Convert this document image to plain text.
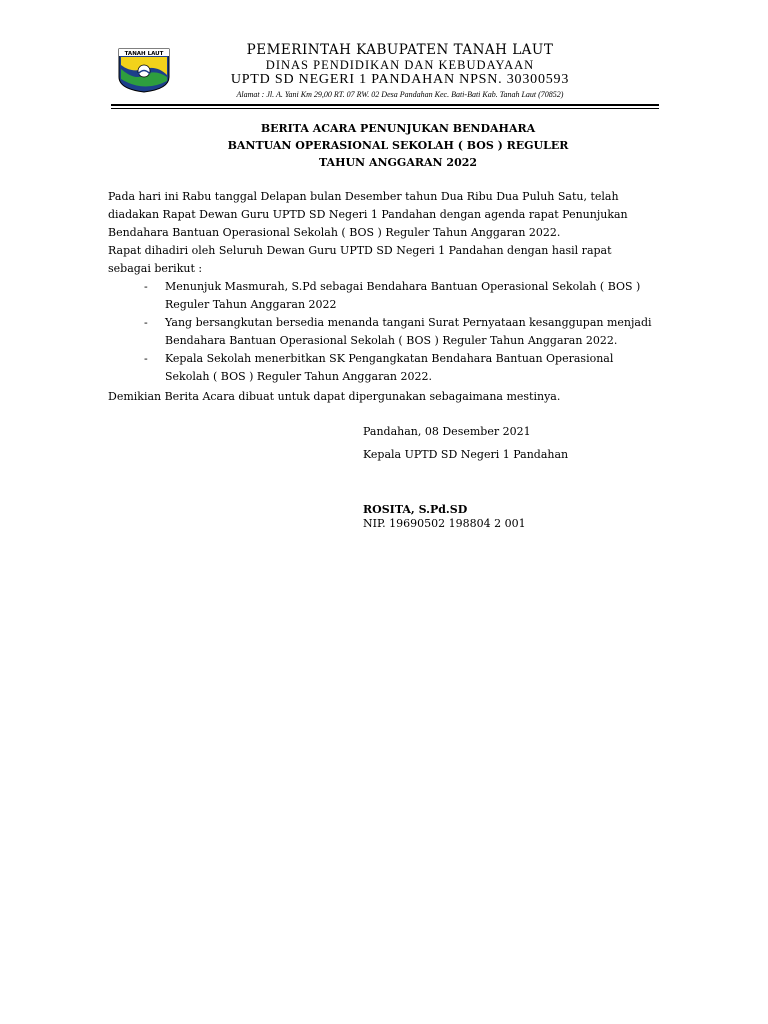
TANAH LAUT	PEMERINTAH KABUPATEN TANAH LAUT
DINAS PENDIDIKAN DAN KEBUDAYAAN
UPTD SD NEGERI 1 PANDAHAN NPSN. 30300593
Alamat : Jl. A. Yani Km 29,00 RT. 07 RW. 02 Desa Pandahan Kec. Bati-Bati Kab. Tanah Laut (70852)
BERITA ACARA PENUNJUKAN BENDAHARA
BANTUAN OPERASIONAL SEKOLAH ( BOS ) REGULER
TAHUN ANGGARAN 2022
Pada hari ini Rabu tanggal Delapan bulan Desember tahun Dua Ribu Dua Puluh Satu, telah
diadakan Rapat Dewan Guru UPTD SD Negeri 1 Pandahan dengan agenda rapat Penunjukan
Bendahara Bantuan Operasional Sekolah ( BOS ) Reguler Tahun Anggaran 2022.
Rapat dihadiri oleh Seluruh Dewan Guru UPTD SD Negeri 1 Pandahan dengan hasil rapat
sebagai berikut :
- Menunjuk Masmurah, S.Pd sebagai Bendahara Bantuan Operasional Sekolah ( BOS )
Reguler Tahun Anggaran 2022
- Yang bersangkutan bersedia menanda tangani Surat Pernyataan kesanggupan menjadi
Bendahara Bantuan Operasional Sekolah ( BOS ) Reguler Tahun Anggaran 2022.
- Kepala Sekolah menerbitkan SK Pengangkatan Bendahara Bantuan Operasional
Sekolah ( BOS ) Reguler Tahun Anggaran 2022.
Demikian Berita Acara dibuat untuk dapat dipergunakan sebagaimana mestinya.
Pandahan, 08 Desember 2021
Kepala UPTD SD Negeri 1 Pandahan
ROSITA, S.Pd.SD
NIP. 19690502 198804 2 001
